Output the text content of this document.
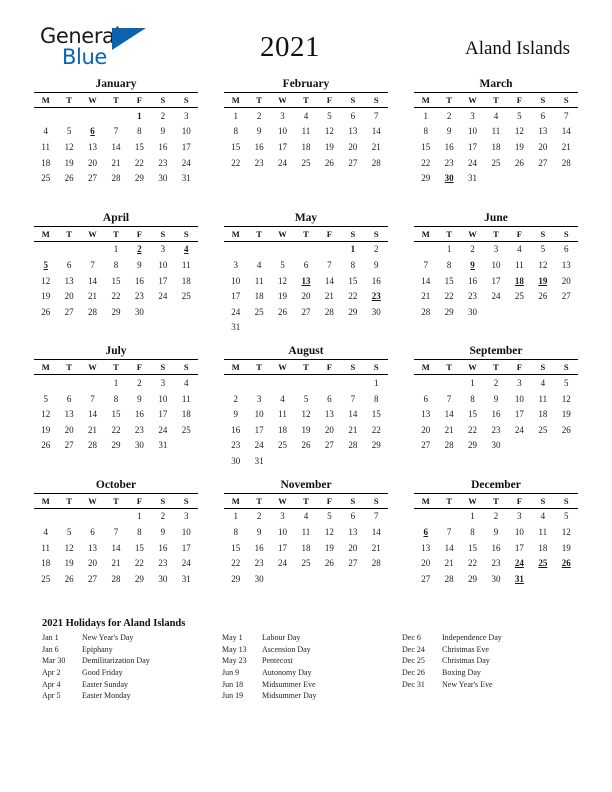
General
Blue	2021	Aland Islands
January
M	T	W	T	F	S	S
				1	2	3
4	5	6	7	8	9	10
11	12	13	14	15	16	17
18	19	20	21	22	23	24
25	26	27	28	29	30	31

February
M	T	W	T	F	S	S
1	2	3	4	5	6	7
8	9	10	11	12	13	14
15	16	17	18	19	20	21
22	23	24	25	26	27	28

March
M	T	W	T	F	S	S
1	2	3	4	5	6	7
8	9	10	11	12	13	14
15	16	17	18	19	20	21
22	23	24	25	26	27	28
29	30	31				

April
M	T	W	T	F	S	S
			1	2	3	4
5	6	7	8	9	10	11
12	13	14	15	16	17	18
19	20	21	22	23	24	25
26	27	28	29	30		

May
M	T	W	T	F	S	S
					1	2
3	4	5	6	7	8	9
10	11	12	13	14	15	16
17	18	19	20	21	22	23
24	25	26	27	28	29	30
31						
June
M	T	W	T	F	S	S
	1	2	3	4	5	6
7	8	9	10	11	12	13
14	15	16	17	18	19	20
21	22	23	24	25	26	27
28	29	30				

July
M	T	W	T	F	S	S
			1	2	3	4
5	6	7	8	9	10	11
12	13	14	15	16	17	18
19	20	21	22	23	24	25
26	27	28	29	30	31	

August
M	T	W	T	F	S	S
						1
2	3	4	5	6	7	8
9	10	11	12	13	14	15
16	17	18	19	20	21	22
23	24	25	26	27	28	29
30	31					
September
M	T	W	T	F	S	S
		1	2	3	4	5
6	7	8	9	10	11	12
13	14	15	16	17	18	19
20	21	22	23	24	25	26
27	28	29	30			

October
M	T	W	T	F	S	S
				1	2	3
4	5	6	7	8	9	10
11	12	13	14	15	16	17
18	19	20	21	22	23	24
25	26	27	28	29	30	31

November
M	T	W	T	F	S	S
1	2	3	4	5	6	7
8	9	10	11	12	13	14
15	16	17	18	19	20	21
22	23	24	25	26	27	28
29	30					

December
M	T	W	T	F	S	S
		1	2	3	4	5
6	7	8	9	10	11	12
13	14	15	16	17	18	19
20	21	22	23	24	25	26
27	28	29	30	31		

2021 Holidays for Aland Islands
Jan 1	New Year's Day
Jan 6	Epiphany
Mar 30	Demilitarization Day
Apr 2	Good Friday
Apr 4	Easter Sunday
Apr 5	Easter Monday
May 1	Labour Day
May 13	Ascension Day
May 23	Pentecost
Jun 9	Autonomy Day
Jun 18	Midsummer Eve
Jun 19	Midsummer Day
Dec 6	Independence Day
Dec 24	Christmas Eve
Dec 25	Christmas Day
Dec 26	Boxing Day
Dec 31	New Year's Eve
